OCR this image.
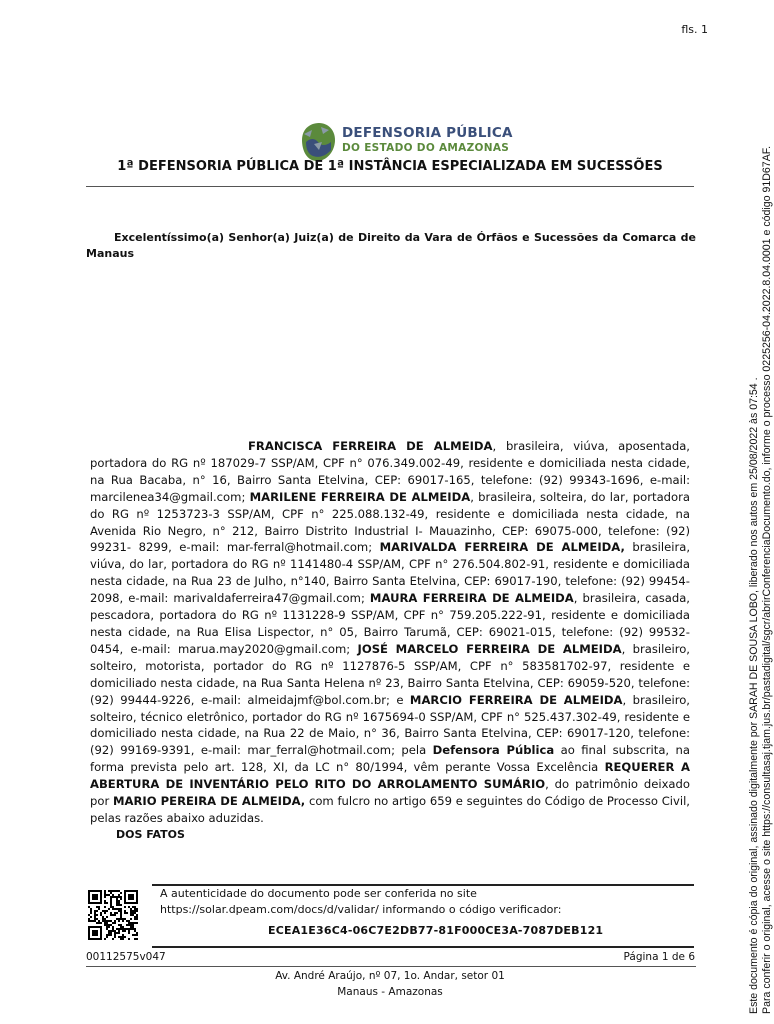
fls. 1
DEFENSORIA PÚBLICA
DO ESTADO DO AMAZONAS
1ª DEFENSORIA PÚBLICA DE 1ª INSTÂNCIA ESPECIALIZADA EM SUCESSÕES
Excelentíssimo(a) Senhor(a) Juiz(a) de Direito da Vara de Órfãos e Sucessões da Comarca de Manaus
FRANCISCA FERREIRA DE ALMEIDA, brasileira, viúva, aposentada, portadora do RG nº 187029-7 SSP/AM, CPF n° 076.349.002-49, residente e domiciliada nesta cidade, na Rua Bacaba, n° 16, Bairro Santa Etelvina, CEP: 69017-165, telefone: (92) 99343-1696, e-mail: marcilenea34@gmail.com; MARILENE FERREIRA DE ALMEIDA, brasileira, solteira, do lar, portadora do RG nº 1253723-3 SSP/AM, CPF n° 225.088.132-49, residente e domiciliada nesta cidade, na Avenida Rio Negro, n° 212, Bairro Distrito Industrial I- Mauazinho, CEP: 69075-000, telefone: (92) 99231- 8299, e-mail: mar-ferral@hotmail.com; MARIVALDA FERREIRA DE ALMEIDA, brasileira, viúva, do lar, portadora do RG nº 1141480-4 SSP/AM, CPF n° 276.504.802-91, residente e domiciliada nesta cidade, na Rua 23 de Julho, n°140, Bairro Santa Etelvina, CEP: 69017-190, telefone: (92) 99454- 2098, e-mail: marivaldaferreira47@gmail.com; MAURA FERREIRA DE ALMEIDA, brasileira, casada, pescadora, portadora do RG nº 1131228-9 SSP/AM, CPF n° 759.205.222-91, residente e domiciliada nesta cidade, na Rua Elisa Lispector, n° 05, Bairro Tarumã, CEP: 69021-015, telefone: (92) 99532- 0454, e-mail: marua.may2020@gmail.com; JOSÉ MARCELO FERREIRA DE ALMEIDA, brasileiro, solteiro, motorista, portador do RG nº 1127876-5 SSP/AM, CPF n° 583581702-97, residente e domiciliado nesta cidade, na Rua Santa Helena nº 23, Bairro Santa Etelvina, CEP: 69059-520, telefone: (92) 99444-9226, e-mail: almeidajmf@bol.com.br; e MARCIO FERREIRA DE ALMEIDA, brasileiro, solteiro, técnico eletrônico, portador do RG nº 1675694-0 SSP/AM, CPF n° 525.437.302-49, residente e domiciliado nesta cidade, na Rua 22 de Maio, n° 36, Bairro Santa Etelvina, CEP: 69017-120, telefone: (92) 99169-9391, e-mail: mar_ferral@hotmail.com; pela Defensora Pública ao final subscrita, na forma prevista pelo art. 128, XI, da LC n° 80/1994, vêm perante Vossa Excelência REQUERER A ABERTURA DE INVENTÁRIO PELO RITO DO ARROLAMENTO SUMÁRIO, do patrimônio deixado por MARIO PEREIRA DE ALMEIDA, com fulcro no artigo 659 e seguintes do Código de Processo Civil, pelas razões abaixo aduzidas.
DOS FATOS
A autenticidade do documento pode ser conferida no site
https://solar.dpeam.com/docs/d/validar/ informando o código verificador:
ECEA1E36C4-06C7E2DB77-81F000CE3A-7087DEB121
00112575v047	Página 1 de 6
Av. André Araújo, nº 07, 1o. Andar, setor 01
Manaus - Amazonas	Este documento é cópia do original, assinado digitalmente por SARAH DE SOUSA LOBO, liberado nos autos em 25/08/2022 às 07:54 . Para conferir o original, acesse o site https://consultasaj.tjam.jus.br/pastadigital/sgcr/abrirConferenciaDocumento.do, informe o processo 0225256-04.2022.8.04.0001 e código 91D67AF.
